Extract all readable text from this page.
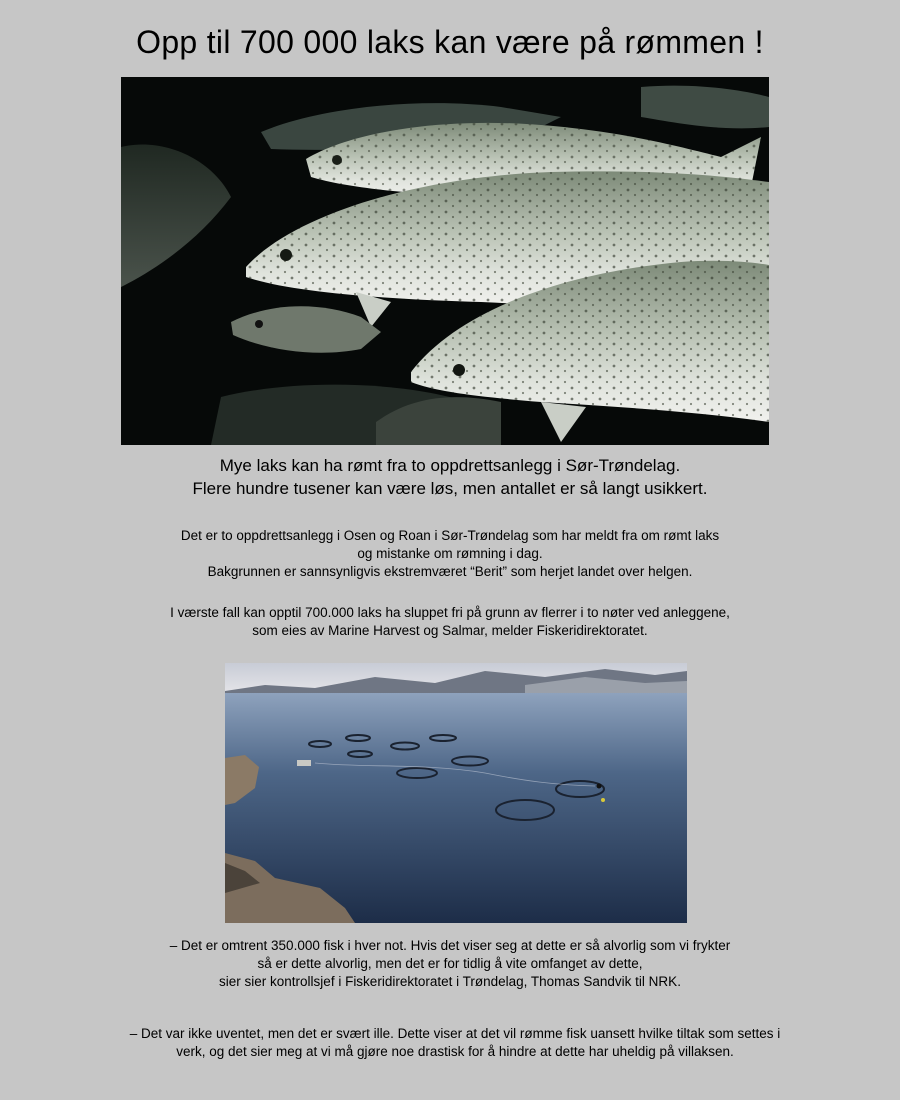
Opp til 700 000 laks kan være på rømmen !
Mye laks kan ha rømt fra to oppdrettsanlegg i Sør-Trøndelag.
Flere hundre tusener kan være løs, men antallet er så langt usikkert.
Det er to oppdrettsanlegg i Osen og Roan i Sør-Trøndelag som har meldt fra om rømt laks
og mistanke om rømning i dag.
Bakgrunnen er sannsynligvis ekstremværet “Berit” som herjet landet over helgen.
I værste fall kan opptil 700.000 laks ha sluppet fri på grunn av flerrer i to nøter ved anleggene,
som eies av Marine Harvest og Salmar, melder Fiskeridirektoratet.
– Det er omtrent 350.000 fisk i hver not. Hvis det viser seg at dette er så alvorlig som vi frykter
så er dette alvorlig, men det er for tidlig å vite omfanget av dette,
sier sier kontrollsjef i Fiskeridirektoratet i Trøndelag, Thomas Sandvik til NRK.
– Det var ikke uventet, men det er svært ille. Dette viser at det vil rømme fisk uansett hvilke tiltak som settes i
verk, og det sier meg at vi må gjøre noe drastisk for å hindre at dette har uheldig på villaksen.
